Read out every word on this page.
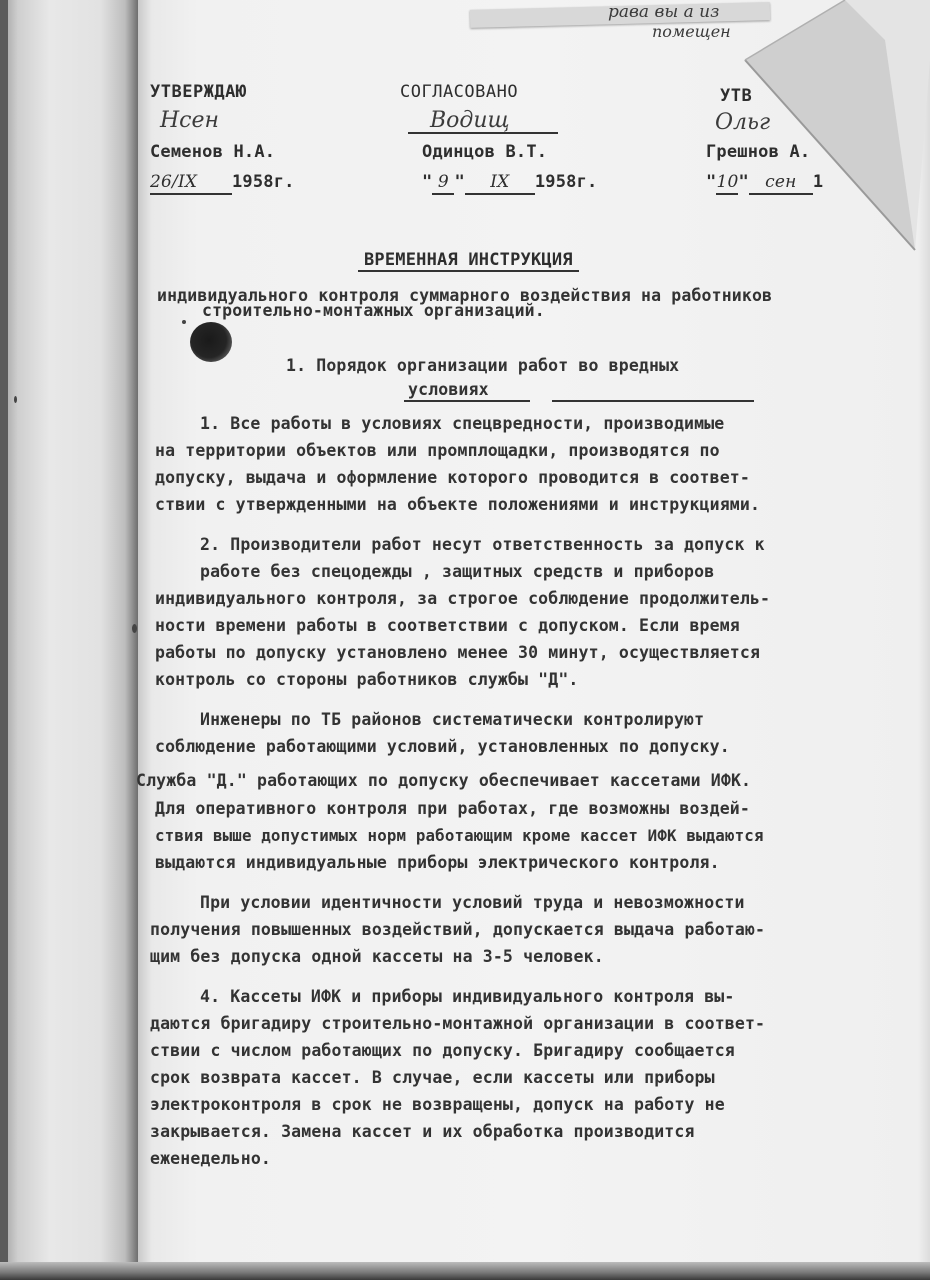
рава вы а из
помещен
УТВЕРЖДАЮ
Нсен
Семенов Н.А.
26/IX 1958г.
СОГЛАСОВАНО
Водищ
Одинцов В.Т.
" 9 " IX 1958г.
УТВ
Ольг
Грешнов А.
"10" сен 1
ВРЕМЕННАЯ ИНСТРУКЦИЯ
индивидуального контроля суммарного воздействия на работников
строительно-монтажных организаций.
1. Порядок организации работ во вредных
условиях
1. Все работы в условиях спецвредности, производимые
на территории объектов или промплощадки, производятся по
допуску, выдача и оформление которого проводится в соответ-
ствии с утвержденными на объекте положениями и инструкциями.
2. Производители работ несут ответственность за допуск к
работе без спецодежды , защитных средств и приборов
индивидуального контроля, за строгое соблюдение продолжитель-
ности времени работы в соответствии с допуском. Если время
работы по допуску установлено менее 30 минут, осуществляется
контроль со стороны работников службы "Д".
Инженеры по ТБ районов систематически контролируют
соблюдение работающими условий, установленных по допуску.
Служба "Д." работающих по допуску обеспечивает кассетами ИФК.
Для оперативного контроля при работах, где возможны воздей-
ствия выше допустимых норм работающим кроме кассет ИФК выдаются
выдаются индивидуальные приборы электрического контроля.
При условии идентичности условий труда и невозможности
получения повышенных воздействий, допускается выдача работаю-
щим без допуска одной кассеты на 3-5 человек.
4. Кассеты ИФК и приборы индивидуального контроля вы-
даются бригадиру строительно-монтажной организации в соответ-
ствии с числом работающих по допуску. Бригадиру сообщается
срок возврата кассет. В случае, если кассеты или приборы
электроконтроля в срок не возвращены, допуск на работу не
закрывается. Замена кассет и их обработка производится
еженедельно.
